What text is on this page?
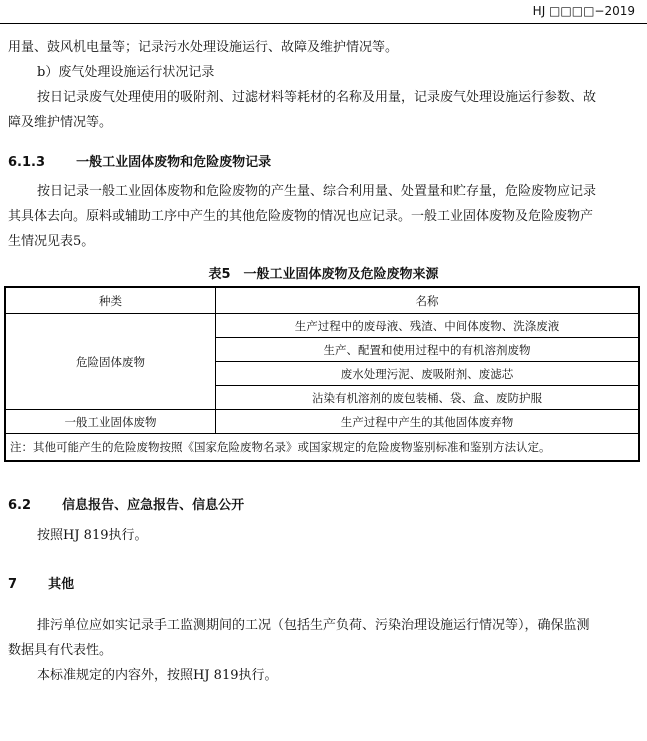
HJ □□□□−2019
用量、鼓风机电量等；记录污水处理设施运行、故障及维护情况等。
b）废气处理设施运行状况记录
按日记录废气处理使用的吸附剂、过滤材料等耗材的名称及用量，记录废气处理设施运行参数、故
障及维护情况等。
6.1.3 一般工业固体废物和危险废物记录
按日记录一般工业固体废物和危险废物的产生量、综合利用量、处置量和贮存量，危险废物应记录
其具体去向。原料或辅助工序中产生的其他危险废物的情况也应记录。一般工业固体废物及危险废物产
生情况见表5。
表5　一般工业固体废物及危险废物来源
种类	名称
危险固体废物	生产过程中的废母液、残渣、中间体废物、洗涤废液
	生产、配置和使用过程中的有机溶剂废物
	废水处理污泥、废吸附剂、废滤芯
	沾染有机溶剂的废包装桶、袋、盒、废防护服
一般工业固体废物	生产过程中产生的其他固体废弃物
注：其他可能产生的危险废物按照《国家危险废物名录》或国家规定的危险废物鉴别标准和鉴别方法认定。	
6.2 信息报告、应急报告、信息公开
按照HJ 819执行。
7 其他
排污单位应如实记录手工监测期间的工况（包括生产负荷、污染治理设施运行情况等），确保监测
数据具有代表性。
本标准规定的内容外，按照HJ 819执行。
